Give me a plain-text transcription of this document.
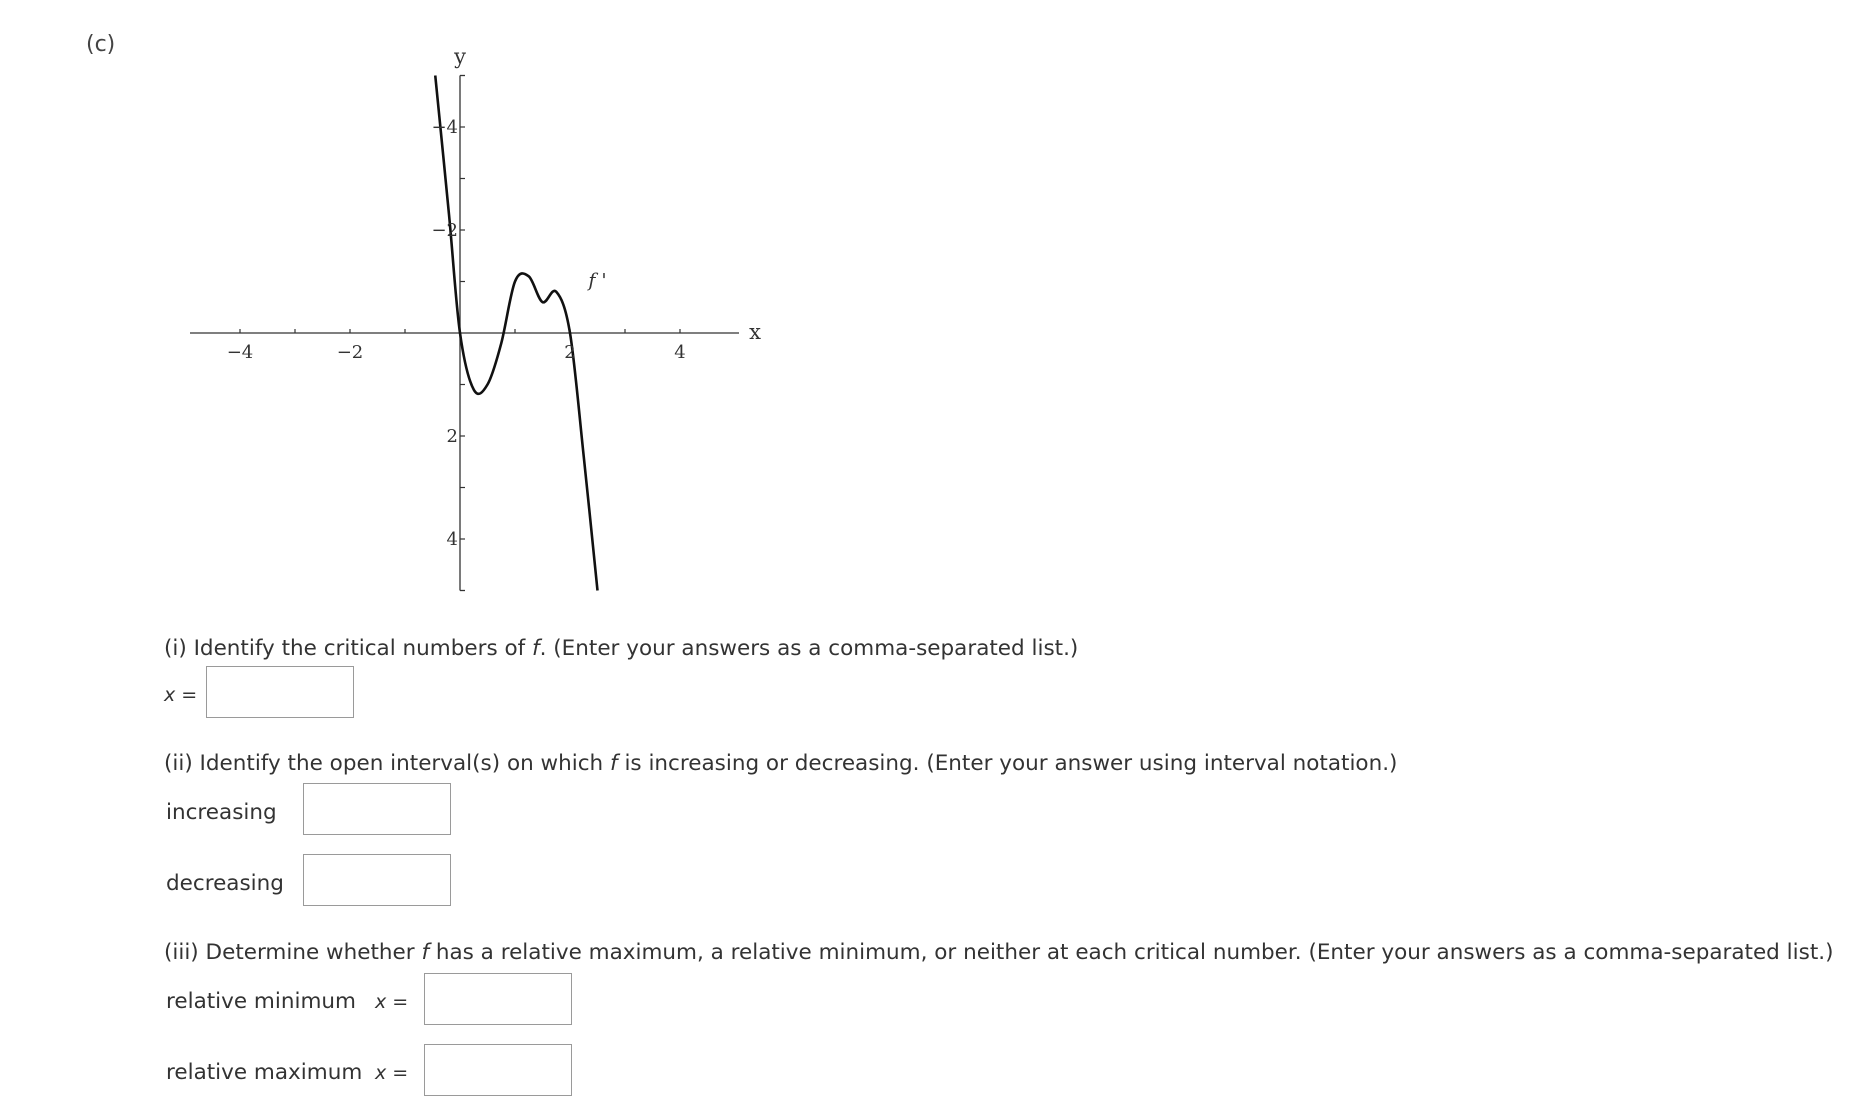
(c)
−4	−2	2	4
4
2
−2
−4
y
x
f '
(i) Identify the critical numbers of f. (Enter your answers as a comma-separated list.)
x =
(ii) Identify the open interval(s) on which f is increasing or decreasing. (Enter your answer using interval notation.)
increasing
decreasing
(iii) Determine whether f has a relative maximum, a relative minimum, or neither at each critical number. (Enter your answers as a comma-separated list.)
relative minimum x =
relative maximum x =
